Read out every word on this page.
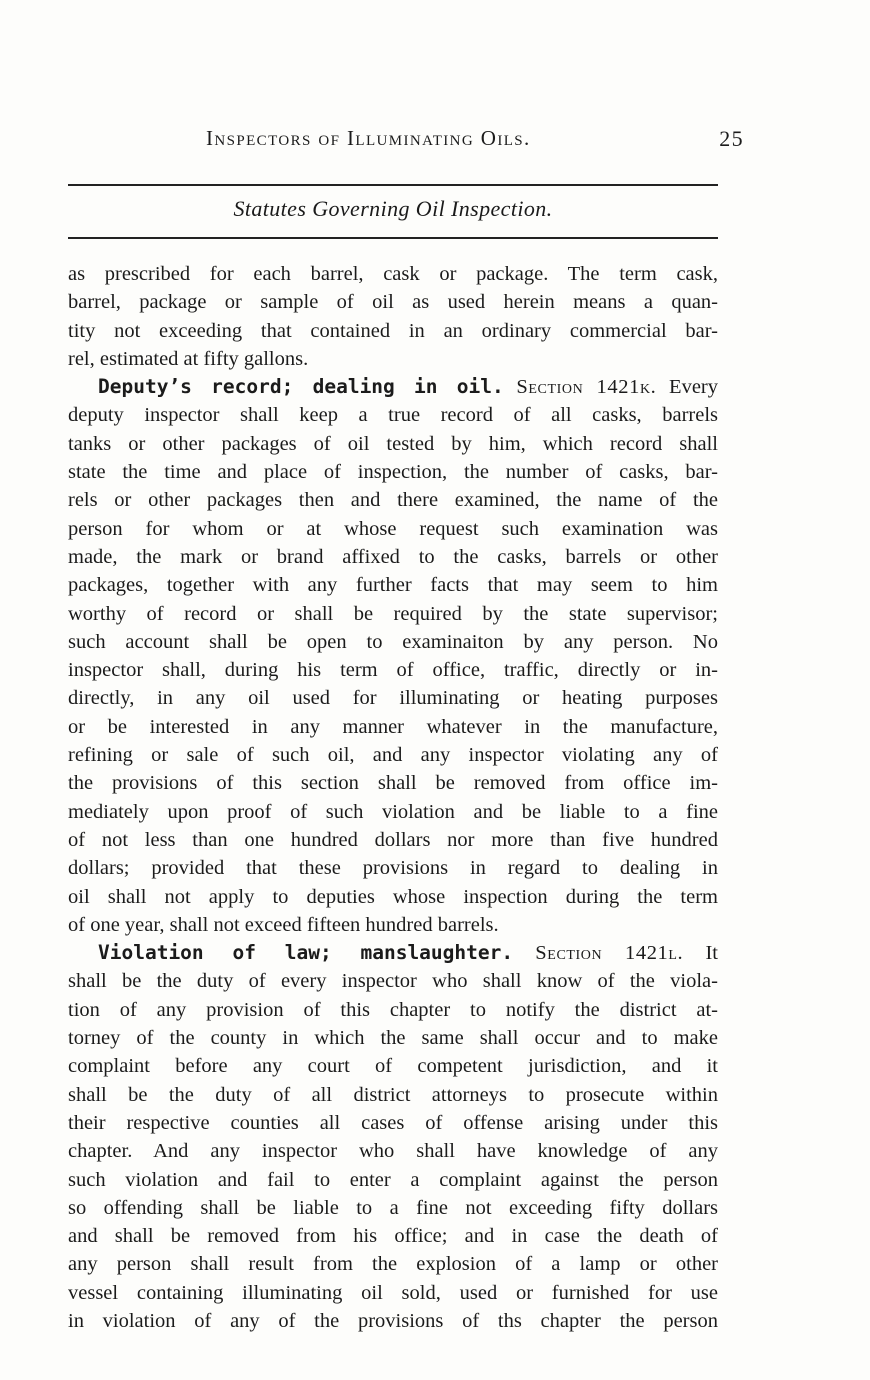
Inspectors of Illuminating Oils.	25
Statutes Governing Oil Inspection.
as prescribed for each barrel, cask or package. The term cask,
barrel, package or sample of oil as used herein means a quan-
tity not exceeding that contained in an ordinary commercial bar-
rel, estimated at fifty gallons.
Deputy’s record; dealing in oil. Section 1421k. Every
deputy inspector shall keep a true record of all casks, barrels
tanks or other packages of oil tested by him, which record shall
state the time and place of inspection, the number of casks, bar-
rels or other packages then and there examined, the name of the
person for whom or at whose request such examination was
made, the mark or brand affixed to the casks, barrels or other
packages, together with any further facts that may seem to him
worthy of record or shall be required by the state supervisor;
such account shall be open to examinaiton by any person. No
inspector shall, during his term of office, traffic, directly or in-
directly, in any oil used for illuminating or heating purposes
or be interested in any manner whatever in the manufacture,
refining or sale of such oil, and any inspector violating any of
the provisions of this section shall be removed from office im-
mediately upon proof of such violation and be liable to a fine
of not less than one hundred dollars nor more than five hundred
dollars; provided that these provisions in regard to dealing in
oil shall not apply to deputies whose inspection during the term
of one year, shall not exceed fifteen hundred barrels.
Violation of law; manslaughter. Section 1421l. It
shall be the duty of every inspector who shall know of the viola-
tion of any provision of this chapter to notify the district at-
torney of the county in which the same shall occur and to make
complaint before any court of competent jurisdiction, and it
shall be the duty of all district attorneys to prosecute within
their respective counties all cases of offense arising under this
chapter. And any inspector who shall have knowledge of any
such violation and fail to enter a complaint against the person
so offending shall be liable to a fine not exceeding fifty dollars
and shall be removed from his office; and in case the death of
any person shall result from the explosion of a lamp or other
vessel containing illuminating oil sold, used or furnished for use
in violation of any of the provisions of ths chapter the person
